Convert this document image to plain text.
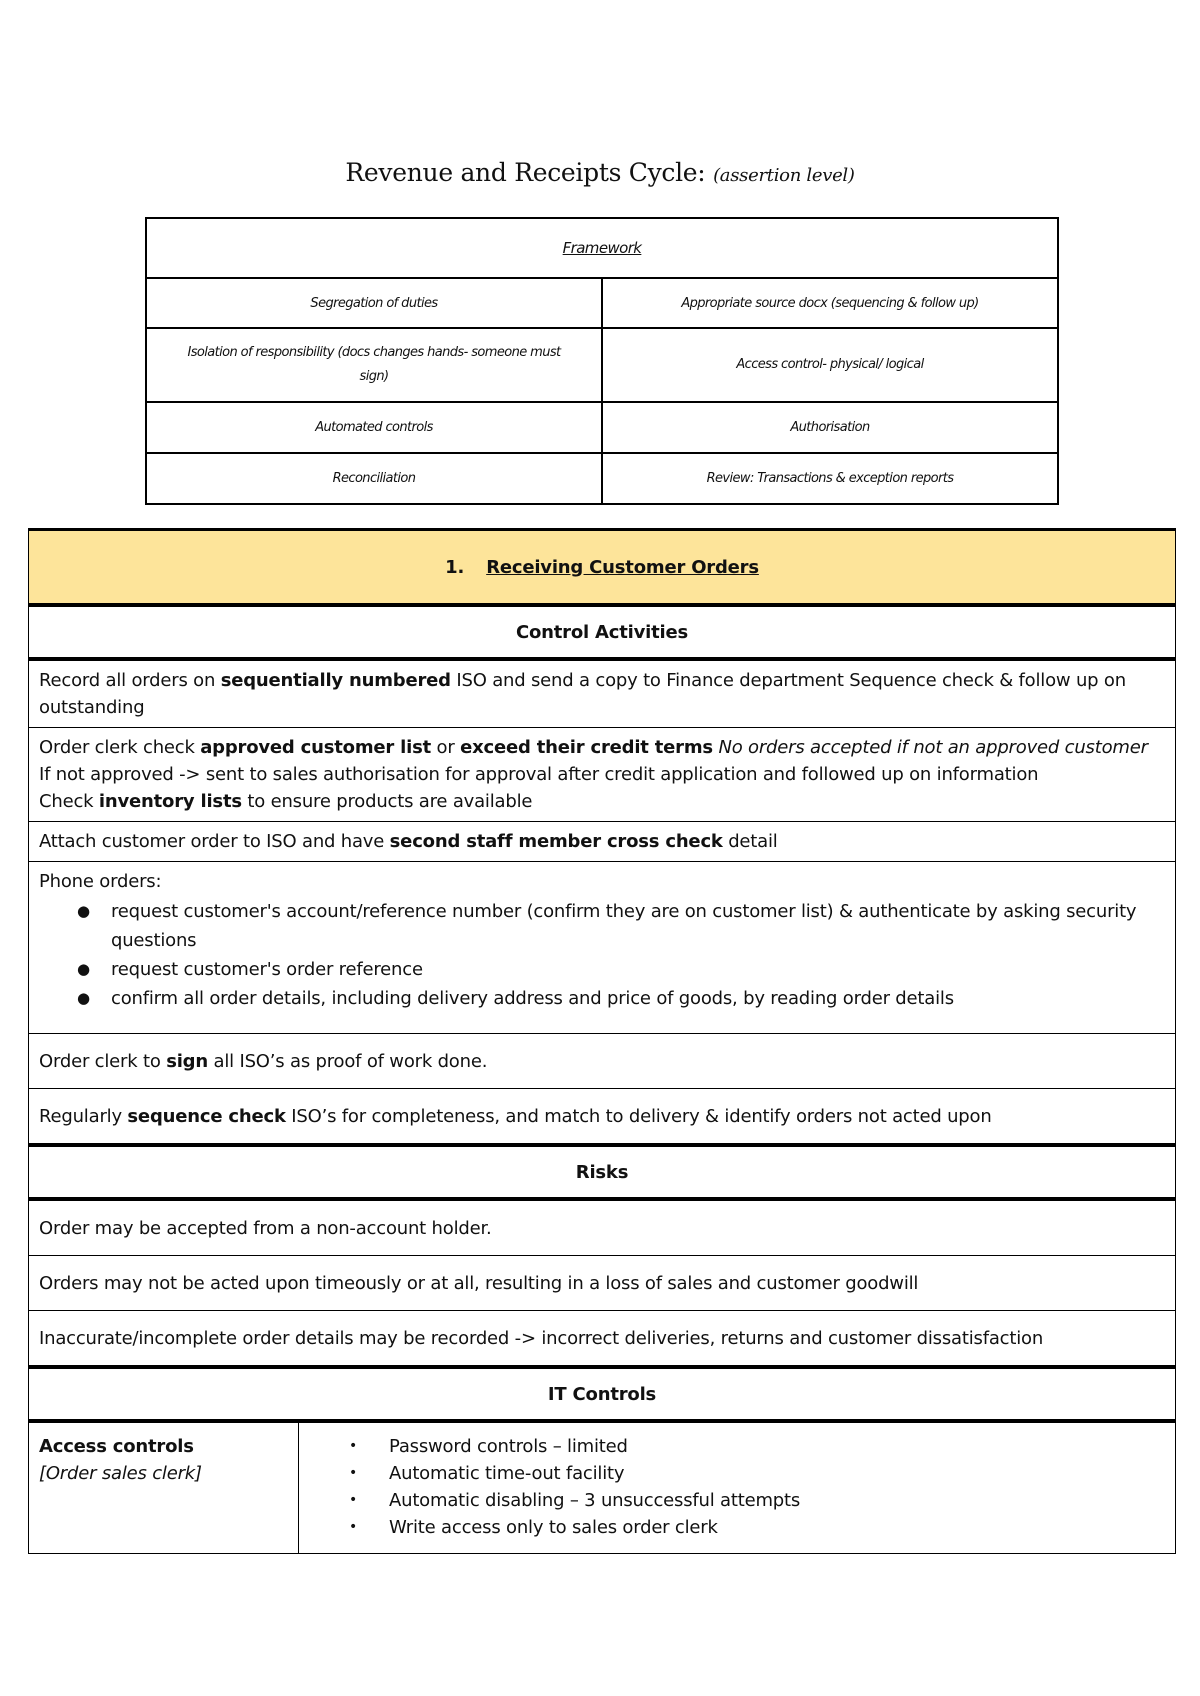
Revenue and Receipts Cycle: (assertion level)
Framework	
Segregation of duties	Appropriate source docx (sequencing & follow up)
Isolation of responsibility (docs changes hands- someone must sign)	Access control- physical/ logical
Automated controls	Authorisation
Reconciliation	Review: Transactions & exception reports
1. Receiving Customer Orders
Control Activities
Record all orders on sequentially numbered ISO and send a copy to Finance department Sequence check & follow up on outstanding
Order clerk check approved customer list or exceed their credit terms No orders accepted if not an approved customer
If not approved -> sent to sales authorisation for approval after credit application and followed up on information
Check inventory lists to ensure products are available
Attach customer order to ISO and have second staff member cross check detail

Phone orders:
● request customer's account/reference number (confirm they are on customer list) & authenticate by asking security questions
● request customer's order reference
● confirm all order details, including delivery address and price of goods, by reading order details

Order clerk to sign all ISO’s as proof of work done.
Regularly sequence check ISO’s for completeness, and match to delivery & identify orders not acted upon
Risks
Order may be accepted from a non-account holder.
Orders may not be acted upon timeously or at all, resulting in a loss of sales and customer goodwill
Inaccurate/incomplete order details may be recorded -> incorrect deliveries, returns and customer dissatisfaction
IT Controls
Access controls
[Order sales clerk]	
• Password controls – limited
• Automatic time-out facility
• Automatic disabling – 3 unsuccessful attempts
• Write access only to sales order clerk
